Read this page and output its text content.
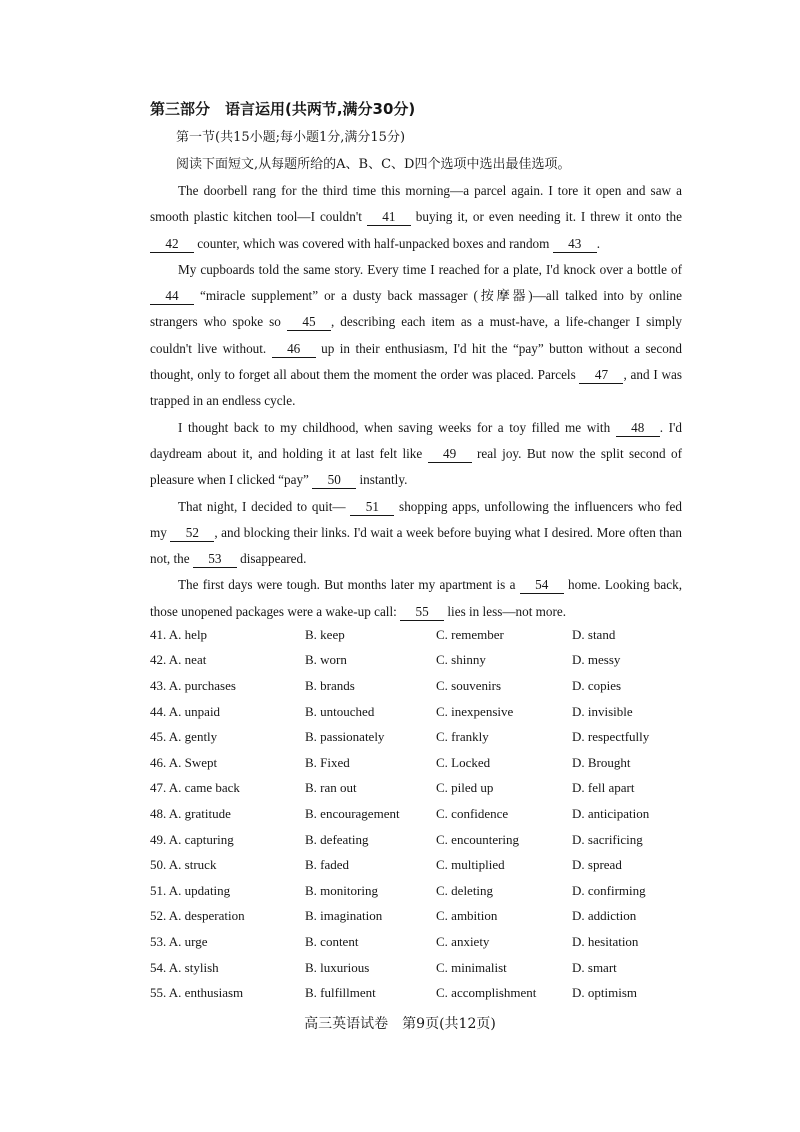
第三部分　语言运用(共两节,满分30分)
第一节(共15小题;每小题1分,满分15分)
阅读下面短文,从每题所给的A、B、C、D四个选项中选出最佳选项。

The doorbell rang for the third time this morning—a parcel again. I tore it open and saw a smooth plastic kitchen tool—I couldn't 41 buying it, or even needing it. I threw it onto the 42 counter, which was covered with half-unpacked boxes and random 43 .

My cupboards told the same story. Every time I reached for a plate, I'd knock over a bottle of 44 “miracle supplement” or a dusty back massager (按摩器)—all talked into by online strangers who spoke so 45 , describing each item as a must-have, a life-changer I simply couldn't live without. 46 up in their enthusiasm, I'd hit the “pay” button without a second thought, only to forget all about them the moment the order was placed. Parcels 47 , and I was trapped in an endless cycle.

I thought back to my childhood, when saving weeks for a toy filled me with 48 . I'd daydream about it, and holding it at last felt like 49 real joy. But now the split second of pleasure when I clicked “pay” 50 instantly.

That night, I decided to quit— 51 shopping apps, unfollowing the influencers who fed my 52 , and blocking their links. I'd wait a week before buying what I desired. More often than not, the 53 disappeared.

The first days were tough. But months later my apartment is a 54 home. Looking back, those unopened packages were a wake-up call: 55 lies in less—not more.

41. A. help	B. keep	C. remember	D. stand
42. A. neat	B. worn	C. shinny	D. messy
43. A. purchases	B. brands	C. souvenirs	D. copies
44. A. unpaid	B. untouched	C. inexpensive	D. invisible
45. A. gently	B. passionately	C. frankly	D. respectfully
46. A. Swept	B. Fixed	C. Locked	D. Brought
47. A. came back	B. ran out	C. piled up	D. fell apart
48. A. gratitude	B. encouragement	C. confidence	D. anticipation
49. A. capturing	B. defeating	C. encountering	D. sacrificing
50. A. struck	B. faded	C. multiplied	D. spread
51. A. updating	B. monitoring	C. deleting	D. confirming
52. A. desperation	B. imagination	C. ambition	D. addiction
53. A. urge	B. content	C. anxiety	D. hesitation
54. A. stylish	B. luxurious	C. minimalist	D. smart
55. A. enthusiasm	B. fulfillment	C. accomplishment	D. optimism
高三英语试卷　第9页(共12页)
